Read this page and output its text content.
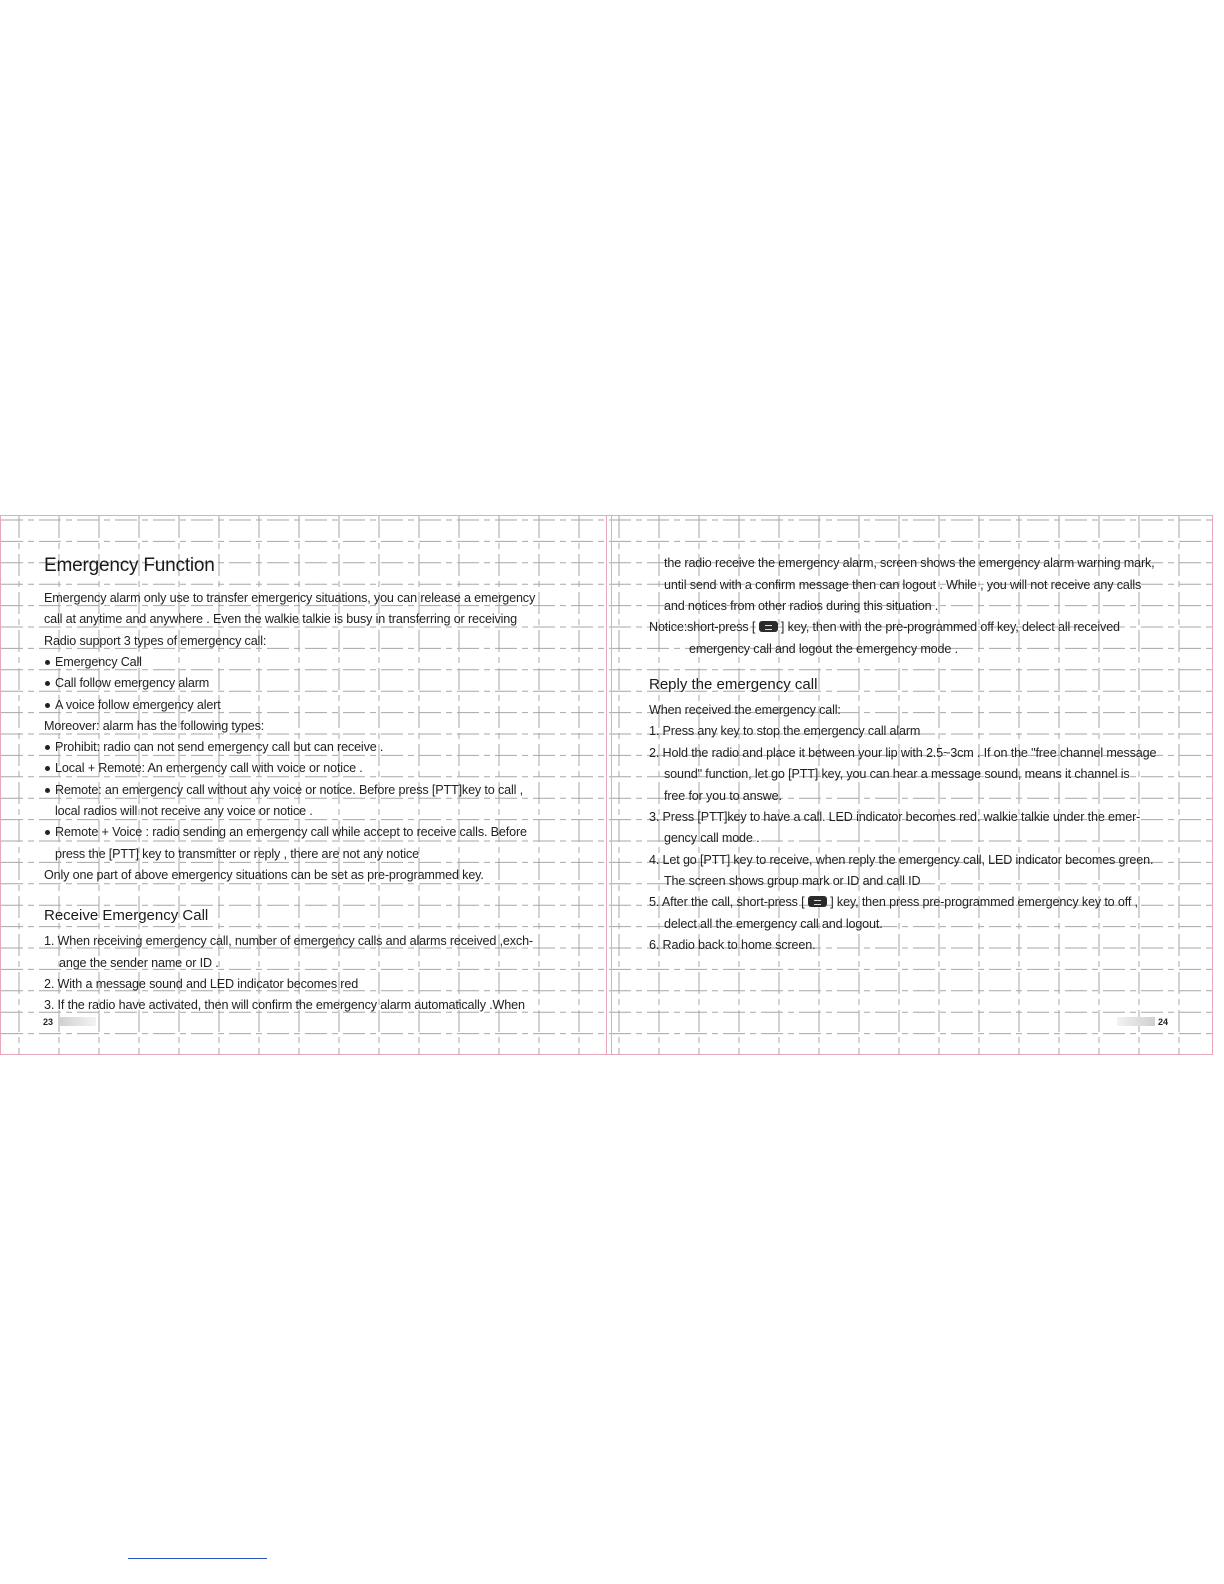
Emergency Function

Emergency alarm only use to transfer emergency situations, you can release a emergency

call at anytime and anywhere . Even the walkie talkie is busy in transferring or receiving

Radio support 3 types of emergency call:

Emergency Call

Call follow emergency alarm

A voice follow emergency alert

Moreover: alarm has the following types:

Prohibit: radio can not send emergency call but can receive .

Local + Remote: An emergency call with voice or notice .

Remote: an emergency call without any voice or notice. Before press [PTT]key to call ,

local radios will not receive any voice or notice .

Remote + Voice : radio sending an emergency call while accept to receive calls. Before

press the [PTT] key to transmitter or reply , there are not any notice

Only one part of above emergency situations can be set as pre-programmed key.

Receive Emergency Call

1. When receiving emergency call, number of emergency calls and alarms received ,exch-

ange the sender name or ID .

2. With a message sound and LED indicator becomes red

3. If the radio have activated, then will confirm the emergency alarm automatically .When

23

the radio receive the emergency alarm, screen shows the emergency alarm warning mark,

until send with a confirm message then can logout . While , you will not receive any calls

and notices from other radios during this situation .

Notice:short-press [ ] key, then with the pre-programmed off key, delect all received

emergency call and logout the emergency mode .

Reply the emergency call

When received the emergency call:

1. Press any key to stop the emergency call alarm

2. Hold the radio and place it between your lip with 2.5~3cm . If on the "free channel message

sound" function, let go [PTT] key, you can hear a message sound, means it channel is

free for you to answe.

3. Press [PTT]key to have a call. LED indicator becomes red. walkie talkie under the emer-

gency call mode .

4. Let go [PTT] key to receive, when reply the emergency call, LED indicator becomes green.

The screen shows group mark or ID and call ID

5. After the call, short-press [ ] key, then press pre-programmed emergency key to off ,

delect all the emergency call and logout.

6. Radio back to home screen.

24
